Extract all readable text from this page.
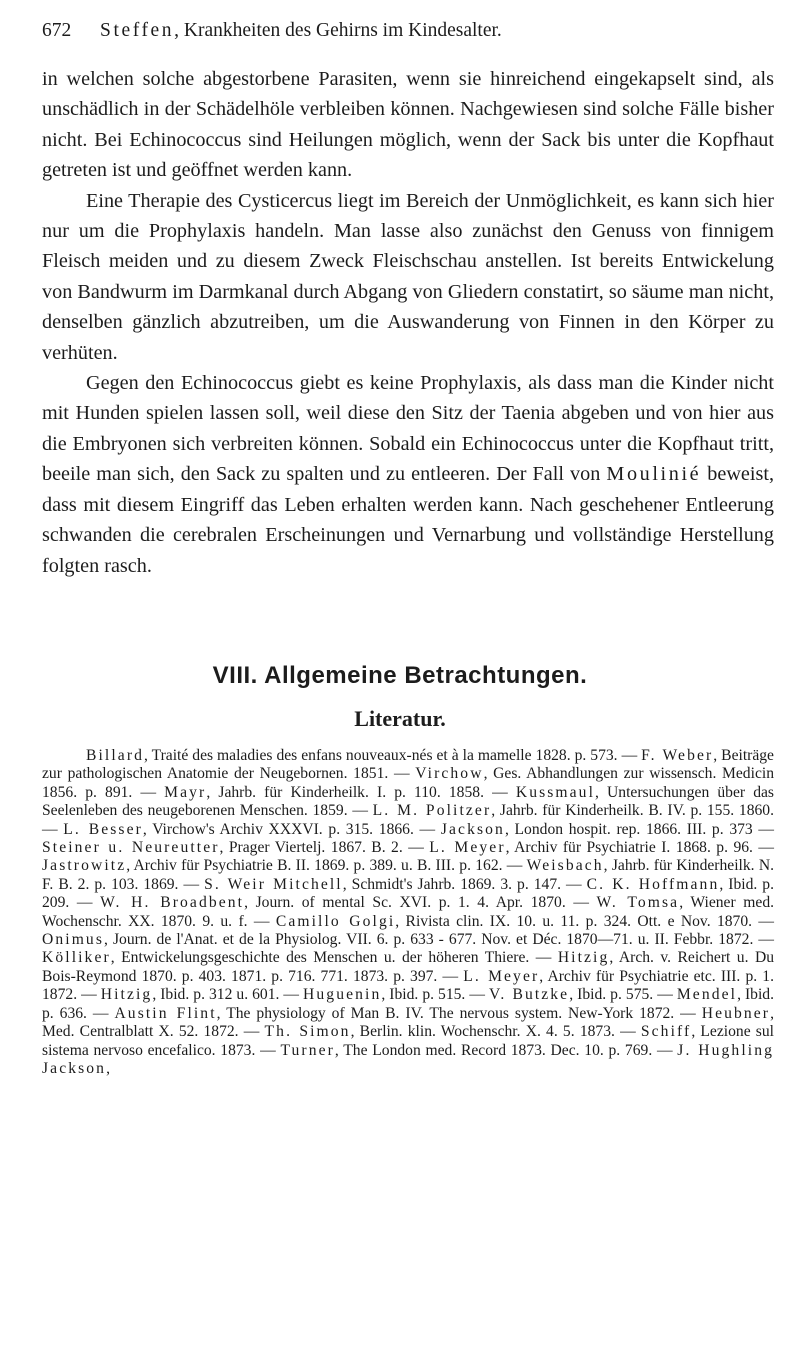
672 Steffen, Krankheiten des Gehirns im Kindesalter.

in welchen solche abgestorbene Parasiten, wenn sie hinreichend eingekapselt sind, als unschädlich in der Schädelhöle verbleiben können. Nachgewiesen sind solche Fälle bisher nicht. Bei Echinococcus sind Heilungen möglich, wenn der Sack bis unter die Kopfhaut getreten ist und geöffnet werden kann.

Eine Therapie des Cysticercus liegt im Bereich der Unmöglichkeit, es kann sich hier nur um die Prophylaxis handeln. Man lasse also zunächst den Genuss von finnigem Fleisch meiden und zu diesem Zweck Fleischschau anstellen. Ist bereits Entwickelung von Bandwurm im Darmkanal durch Abgang von Gliedern constatirt, so säume man nicht, denselben gänzlich abzutreiben, um die Auswanderung von Finnen in den Körper zu verhüten.

Gegen den Echinococcus giebt es keine Prophylaxis, als dass man die Kinder nicht mit Hunden spielen lassen soll, weil diese den Sitz der Taenia abgeben und von hier aus die Embryonen sich verbreiten können. Sobald ein Echinococcus unter die Kopfhaut tritt, beeile man sich, den Sack zu spalten und zu entleeren. Der Fall von Moulinié beweist, dass mit diesem Eingriff das Leben erhalten werden kann. Nach geschehener Entleerung schwanden die cerebralen Erscheinungen und Vernarbung und vollständige Herstellung folgten rasch.

VIII. Allgemeine Betrachtungen.
Literatur.
Billard, Traité des maladies des enfans nouveaux-nés et à la mamelle 1828. p. 573. — F. Weber, Beiträge zur pathologischen Anatomie der Neugebornen. 1851. — Virchow, Ges. Abhandlungen zur wissensch. Medicin 1856. p. 891. — Mayr, Jahrb. für Kinderheilk. I. p. 110. 1858. — Kussmaul, Untersuchungen über das Seelenleben des neugeborenen Menschen. 1859. — L. M. Politzer, Jahrb. für Kinderheilk. B. IV. p. 155. 1860. — L. Besser, Virchow's Archiv XXXVI. p. 315. 1866. — Jackson, London hospit. rep. 1866. III. p. 373 — Steiner u. Neureutter, Prager Viertelj. 1867. B. 2. — L. Meyer, Archiv für Psychiatrie I. 1868. p. 96. — Jastrowitz, Archiv für Psychiatrie B. II. 1869. p. 389. u. B. III. p. 162. — Weisbach, Jahrb. für Kinderheilk. N. F. B. 2. p. 103. 1869. — S. Weir Mitchell, Schmidt's Jahrb. 1869. 3. p. 147. — C. K. Hoffmann, Ibid. p. 209. — W. H. Broadbent, Journ. of mental Sc. XVI. p. 1. 4. Apr. 1870. — W. Tomsa, Wiener med. Wochenschr. XX. 1870. 9. u. f. — Camillo Golgi, Rivista clin. IX. 10. u. 11. p. 324. Ott. e Nov. 1870. — Onimus, Journ. de l'Anat. et de la Physiolog. VII. 6. p. 633 - 677. Nov. et Déc. 1870—71. u. II. Febbr. 1872. — Kölliker, Entwickelungsgeschichte des Menschen u. der höheren Thiere. — Hitzig, Arch. v. Reichert u. Du Bois-Reymond 1870. p. 403. 1871. p. 716. 771. 1873. p. 397. — L. Meyer, Archiv für Psychiatrie etc. III. p. 1. 1872. — Hitzig, Ibid. p. 312 u. 601. — Huguenin, Ibid. p. 515. — V. Butzke, Ibid. p. 575. — Mendel, Ibid. p. 636. — Austin Flint, The physiology of Man B. IV. The nervous system. New-York 1872. — Heubner, Med. Centralblatt X. 52. 1872. — Th. Simon, Berlin. klin. Wochenschr. X. 4. 5. 1873. — Schiff, Lezione sul sistema nervoso encefalico. 1873. — Turner, The London med. Record 1873. Dec. 10. p. 769. — J. Hughling Jackson,
